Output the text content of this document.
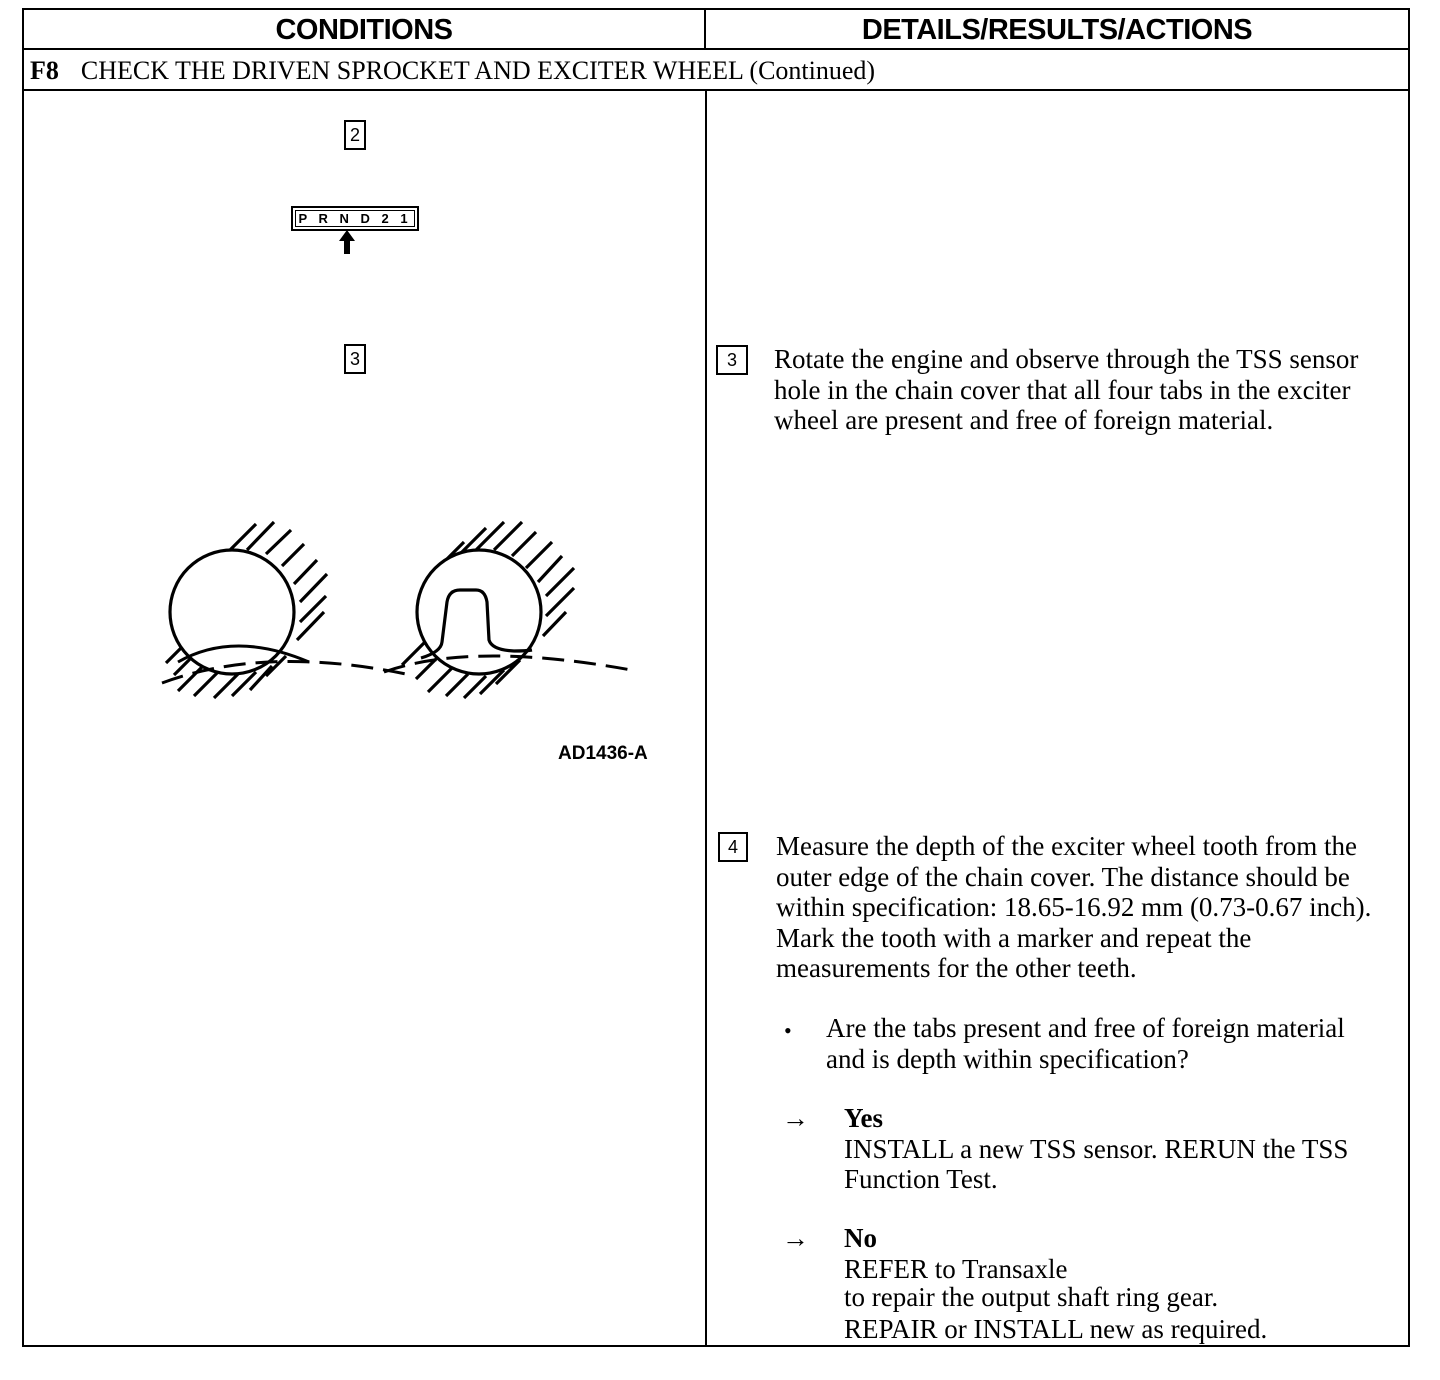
CONDITIONS	DETAILS/RESULTS/ACTIONS
F8 CHECK THE DRIVEN SPROCKET AND EXCITER WHEEL (Continued)
2
P R N D 2 1
3
AD1436-A
3	Rotate the engine and observe through the TSS sensor hole in the chain cover that all four tabs in the exciter wheel are present and free of foreign material.
4	Measure the depth of the exciter wheel tooth from the outer edge of the chain cover. The distance should be within specification: 18.65-16.92 mm (0.73-0.67 inch). Mark the tooth with a marker and repeat the measurements for the other teeth.
• Are the tabs present and free of foreign material and is depth within specification?
→ Yes

INSTALL a new TSS sensor. RERUN the TSS Function Test.

→ No

REFER to Transaxle

to repair the output shaft ring gear.

REPAIR or INSTALL new as required.
